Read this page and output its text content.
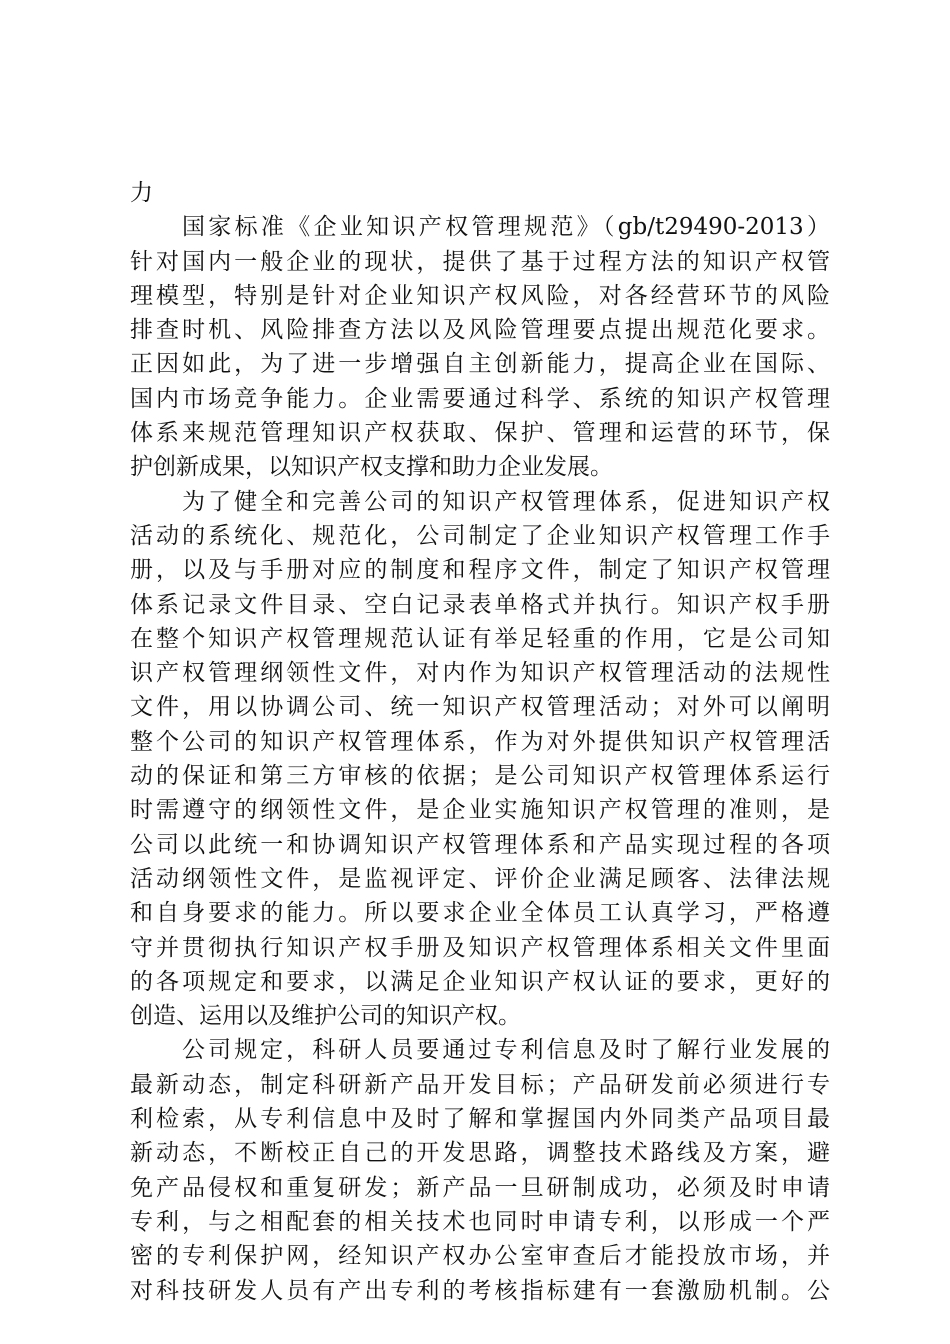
力
国家标准《企业知识产权管理规范》（gb/t29490-2013）
针对国内一般企业的现状，提供了基于过程方法的知识产权管
理模型，特别是针对企业知识产权风险，对各经营环节的风险
排查时机、风险排查方法以及风险管理要点提出规范化要求。
正因如此，为了进一步增强自主创新能力，提高企业在国际、
国内市场竞争能力。企业需要通过科学、系统的知识产权管理
体系来规范管理知识产权获取、保护、管理和运营的环节，保
护创新成果，以知识产权支撑和助力企业发展。
为了健全和完善公司的知识产权管理体系，促进知识产权
活动的系统化、规范化，公司制定了企业知识产权管理工作手
册，以及与手册对应的制度和程序文件，制定了知识产权管理
体系记录文件目录、空白记录表单格式并执行。知识产权手册
在整个知识产权管理规范认证有举足轻重的作用，它是公司知
识产权管理纲领性文件，对内作为知识产权管理活动的法规性
文件，用以协调公司、统一知识产权管理活动；对外可以阐明
整个公司的知识产权管理体系，作为对外提供知识产权管理活
动的保证和第三方审核的依据；是公司知识产权管理体系运行
时需遵守的纲领性文件，是企业实施知识产权管理的准则，是
公司以此统一和协调知识产权管理体系和产品实现过程的各项
活动纲领性文件，是监视评定、评价企业满足顾客、法律法规
和自身要求的能力。所以要求企业全体员工认真学习，严格遵
守并贯彻执行知识产权手册及知识产权管理体系相关文件里面
的各项规定和要求，以满足企业知识产权认证的要求，更好的
创造、运用以及维护公司的知识产权。
公司规定，科研人员要通过专利信息及时了解行业发展的
最新动态，制定科研新产品开发目标；产品研发前必须进行专
利检索，从专利信息中及时了解和掌握国内外同类产品项目最
新动态，不断校正自己的开发思路，调整技术路线及方案，避
免产品侵权和重复研发；新产品一旦研制成功，必须及时申请
专利，与之相配套的相关技术也同时申请专利，以形成一个严
密的专利保护网，经知识产权办公室审查后才能投放市场，并
对科技研发人员有产出专利的考核指标建有一套激励机制。公
